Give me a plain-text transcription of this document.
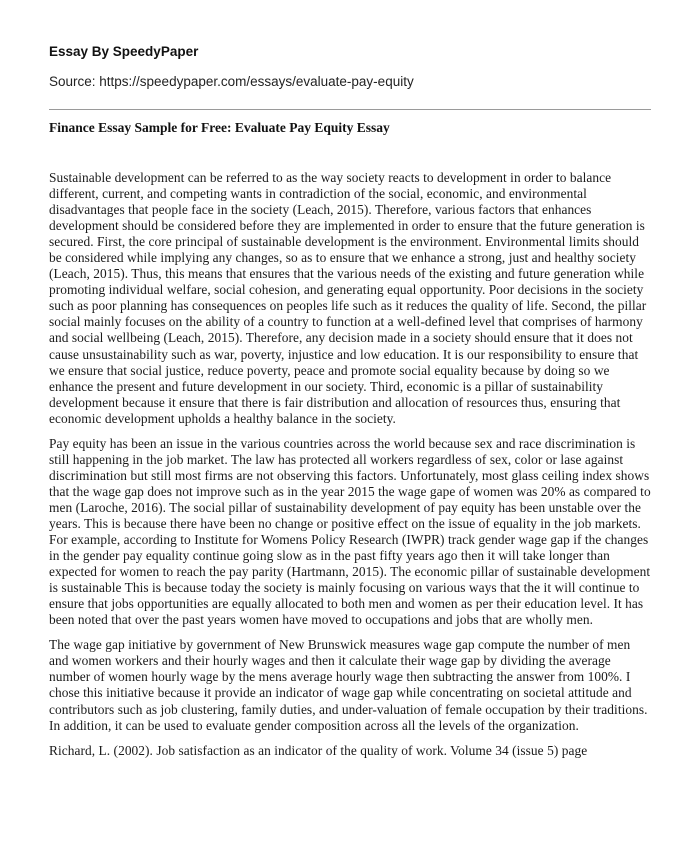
Essay By SpeedyPaper
Source: https://speedypaper.com/essays/evaluate-pay-equity
Finance Essay Sample for Free: Evaluate Pay Equity Essay

Sustainable development can be referred to as the way society reacts to development in order to balance different, current, and competing wants in contradiction of the social, economic, and environmental disadvantages that people face in the society (Leach, 2015). Therefore, various factors that enhances development should be considered before they are implemented in order to ensure that the future generation is secured. First, the core principal of sustainable development is the environment. Environmental limits should be considered while implying any changes, so as to ensure that we enhance a strong, just and healthy society (Leach, 2015). Thus, this means that ensures that the various needs of the existing and future generation while promoting individual welfare, social cohesion, and generating equal opportunity. Poor decisions in the society such as poor planning has consequences on peoples life such as it reduces the quality of life. Second, the pillar social mainly focuses on the ability of a country to function at a well-defined level that comprises of harmony and social wellbeing (Leach, 2015). Therefore, any decision made in a society should ensure that it does not cause unsustainability such as war, poverty, injustice and low education. It is our responsibility to ensure that we ensure that social justice, reduce poverty, peace and promote social equality because by doing so we enhance the present and future development in our society. Third, economic is a pillar of sustainability development because it ensure that there is fair distribution and allocation of resources thus, ensuring that economic development upholds a healthy balance in the society.

Pay equity has been an issue in the various countries across the world because sex and race discrimination is still happening in the job market. The law has protected all workers regardless of sex, color or lase against discrimination but still most firms are not observing this factors. Unfortunately, most glass ceiling index shows that the wage gap does not improve such as in the year 2015 the wage gape of women was 20% as compared to men (Laroche, 2016). The social pillar of sustainability development of pay equity has been unstable over the years. This is because there have been no change or positive effect on the issue of equality in the job markets. For example, according to Institute for Womens Policy Research (IWPR) track gender wage gap if the changes in the gender pay equality continue going slow as in the past fifty years ago then it will take longer than expected for women to reach the pay parity (Hartmann, 2015). The economic pillar of sustainable development is sustainable This is because today the society is mainly focusing on various ways that the it will continue to ensure that jobs opportunities are equally allocated to both men and women as per their education level. It has been noted that over the past years women have moved to occupations and jobs that are wholly men.

The wage gap initiative by government of New Brunswick measures wage gap compute the number of men and women workers and their hourly wages and then it calculate their wage gap by dividing the average number of women hourly wage by the mens average hourly wage then subtracting the answer from 100%. I chose this initiative because it provide an indicator of wage gap while concentrating on societal attitude and contributors such as job clustering, family duties, and under-valuation of female occupation by their traditions. In addition, it can be used to evaluate gender composition across all the levels of the organization.

Richard, L. (2002). Job satisfaction as an indicator of the quality of work. Volume 34 (issue 5) page
